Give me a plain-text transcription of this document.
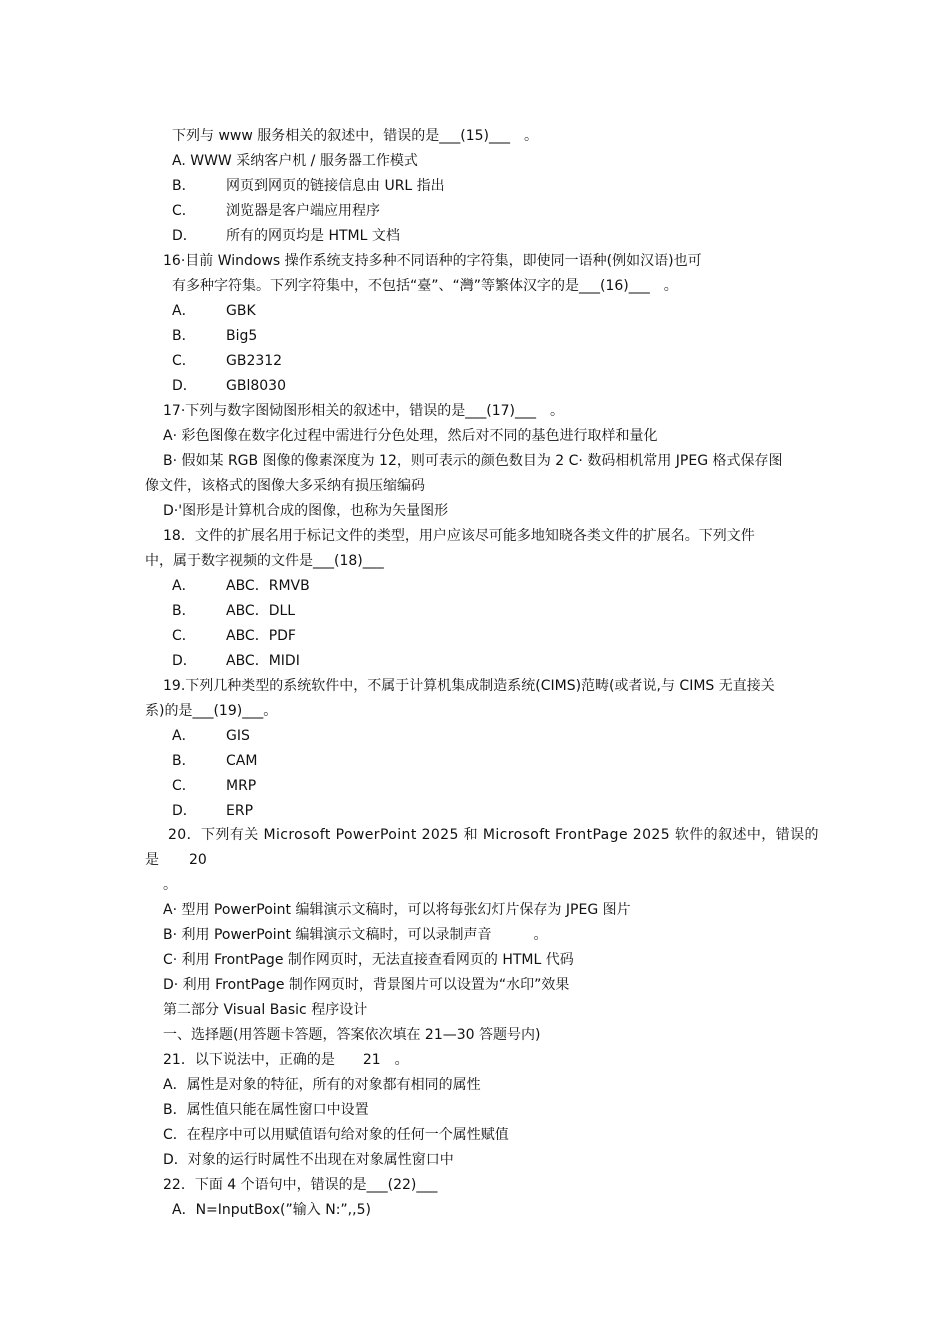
下列与 www 服务相关的叙述中，错误的是___(15)___　。
A. WWW 采纳客户机 / 服务器工作模式
B． 网页到网页的链接信息由 URL 指出
C． 浏览器是客户端应用程序
D． 所有的网页均是 HTML 文档
16·目前 Windows 操作系统支持多种不同语种的字符集，即使同一语种(例如汉语)也可
有多种字符集。下列字符集中，不包括“臺”、“灣”等繁体汉字的是___(16)___　。
A． GBK
B． Big5
C． GB2312
D． GBl8030
17·下列与数字图恸图形相关的叙述中，错误的是___(17)___　。
A· 彩色图像在数字化过程中需进行分色处理，然后对不同的基色进行取样和量化
B· 假如某 RGB 图像的像素深度为 12，则可表示的颜色数目为 2 C· 数码相机常用 JPEG 格式保存图
像文件，该格式的图像大多采纳有损压缩编码
D·'图形是计算机合成的图像，也称为矢量图形
18．文件的扩展名用于标记文件的类型，用户应该尽可能多地知晓各类文件的扩展名。下列文件
中，属于数字视频的文件是___(18)___
A． ABC．RMVB
B． ABC．DLL
C． ABC．PDF
D． ABC．MIDI
19.下列几种类型的系统软件中，不属于计算机集成制造系统(CIMS)范畴(或者说,与 CIMS 无直接关
系)的是___(19)___。
A． GIS
B． CAM
C． MRP
D． ERP
20．下列有关 Microsoft PowerPoint 2025 和 Microsoft FrontPage 2025 软件的叙述中，错误的
是 20
。
A· 型用 PowerPoint 编辑演示文稿时，可以将每张幻灯片保存为 JPEG 图片
B· 利用 PowerPoint 编辑演示文稿时，可以录制声音　　　。
C· 利用 FrontPage 制作网页时，无法直接查看网页的 HTML 代码
D· 利用 FrontPage 制作网页时，背景图片可以设置为“水印”效果
第二部分 Visual Basic 程序设计
一、选择题(用答题卡答题，答案依次填在 21—30 答题号内)
21．以下说法中，正确的是　　21　。
A．属性是对象的特征，所有的对象都有相同的属性
B．属性值只能在属性窗口中设置
C．在程序中可以用赋值语句给对象的任何一个属性赋值
D．对象的运行时属性不出现在对象属性窗口中
22．下面 4 个语句中，错误的是___(22)___
A．N=InputBox(”输入 N:”,,5)
